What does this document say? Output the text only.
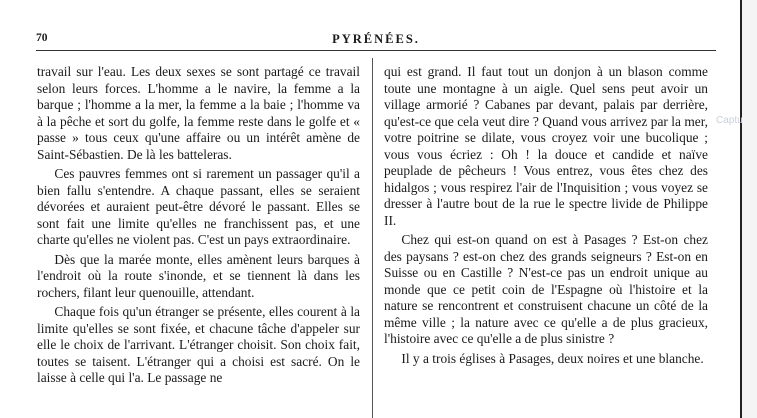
70	PYRÉNÉES.

travail sur l'eau. Les deux sexes se sont partagé ce travail selon leurs forces. L'homme a le navire, la femme a la barque ; l'homme a la mer, la femme a la baie ; l'homme va à la pêche et sort du golfe, la femme reste dans le golfe et « passe » tous ceux qu'une affaire ou un intérêt amène de Saint-Sébastien. De là les batteleras.

Ces pauvres femmes ont si rarement un passager qu'il a bien fallu s'entendre. A chaque passant, elles se seraient dévorées et auraient peut-être dévoré le passant. Elles se sont fait une limite qu'elles ne franchissent pas, et une charte qu'elles ne violent pas. C'est un pays extraordinaire.

Dès que la marée monte, elles amènent leurs barques à l'endroit où la route s'inonde, et se tiennent là dans les rochers, filant leur quenouille, attendant.

Chaque fois qu'un étranger se présente, elles courent à la limite qu'elles se sont fixée, et chacune tâche d'appeler sur elle le choix de l'arrivant. L'étranger choisit. Son choix fait, toutes se taisent. L'étranger qui a choisi est sacré. On le laisse à celle qui l'a. Le passage ne

qui est grand. Il faut tout un donjon à un blason comme toute une montagne à un aigle. Quel sens peut avoir un village armorié ? Cabanes par devant, palais par derrière, qu'est-ce que cela veut dire ? Quand vous arrivez par la mer, votre poitrine se dilate, vous croyez voir une bucolique ; vous vous écriez : Oh ! la douce et candide et naïve peuplade de pêcheurs ! Vous entrez, vous êtes chez des hidalgos ; vous respirez l'air de l'Inquisition ; vous voyez se dresser à l'autre bout de la rue le spectre livide de Philippe II.

Chez qui est-on quand on est à Pasages ? Est-on chez des paysans ? est-on chez des grands seigneurs ? Est-on en Suisse ou en Castille ? N'est-ce pas un endroit unique au monde que ce petit coin de l'Espagne où l'histoire et la nature se rencontrent et construisent chacune un côté de la même ville ; la nature avec ce qu'elle a de plus gracieux, l'histoire avec ce qu'elle a de plus sinistre ?

Il y a trois églises à Pasages, deux noires et une blanche.

Captu
